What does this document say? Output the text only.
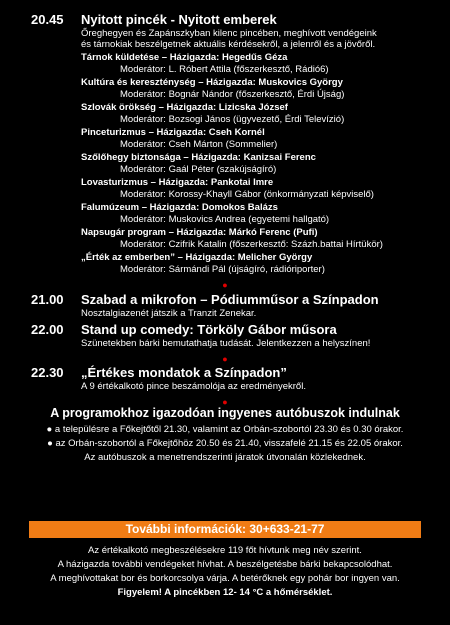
20.45 Nyitott pincék - Nyitott emberek
Őreghegyen és Zapánszkyban kilenc pincében, meghívott vendégeink
és tárnokiak beszélgetnek aktuális kérdésekről, a jelenről és a jövőről.
Tárnok küldetése – Házigazda: Hegedűs Géza
Moderátor: L. Róbert Attila (főszerkesztő, Rádió6)
Kultúra és kereszténység – Házigazda: Muskovics György
Moderátor: Bognár Nándor (főszerkesztő, Érdi Újság)
Szlovák örökség – Házigazda: Lizicska József
Moderátor: Bozsogi János (ügyvezető, Érdi Televízió)
Pinceturizmus – Házigazda: Cseh Kornél
Moderátor: Cseh Márton (Sommelier)
Szőlőhegy biztonsága – Házigazda: Kanizsai Ferenc
Moderátor: Gaál Péter (szakújságíró)
Lovasturizmus – Házigazda: Pankotai Imre
Moderátor: Korossy-Khayll Gábor (önkormányzati képviselő)
Falumúzeum – Házigazda: Domokos Balázs
Moderátor: Muskovics Andrea (egyetemi hallgató)
Napsugár program – Házigazda: Márkó Ferenc (Pufi)
Moderátor: Czifrik Katalin (főszerkesztő: Százh.battai Hírtükör)
„Érték az emberben” – Házigazda: Melicher György
Moderátor: Sármándi Pál (újságíró, rádióriporter)
●
21.00 Szabad a mikrofon – Pódiumműsor a Színpadon
Nosztalgiazenét játszik a Tranzit Zenekar.
22.00 Stand up comedy: Törköly Gábor műsora
Szünetekben bárki bemutathatja tudását. Jelentkezzen a helyszínen!
●
22.30 „Értékes mondatok a Színpadon”
A 9 értékalkotó pince beszámolója az eredményekről.
●
A programokhoz igazodóan ingyenes autóbuszok indulnak
● a településre a Főkejtőtől 21.30, valamint az Orbán-szobortól 23.30 és 0.30 órakor.
● az Orbán-szobortól a Főkejtőhöz 20.50 és 21.40, visszafelé 21.15 és 22.05 órakor.
Az autóbuszok a menetrendszerinti járatok útvonalán közlekednek.
További információk: 30+633-21-77
Az értékalkotó megbeszélésekre 119 főt hívtunk meg név szerint.
A házigazda további vendégeket hívhat. A beszélgetésbe bárki bekapcsolódhat.
A meghívottakat bor és borkorcsolya várja. A betérőknek egy pohár bor ingyen van.
Figyelem! A pincékben 12- 14 °C a hőmérséklet.
